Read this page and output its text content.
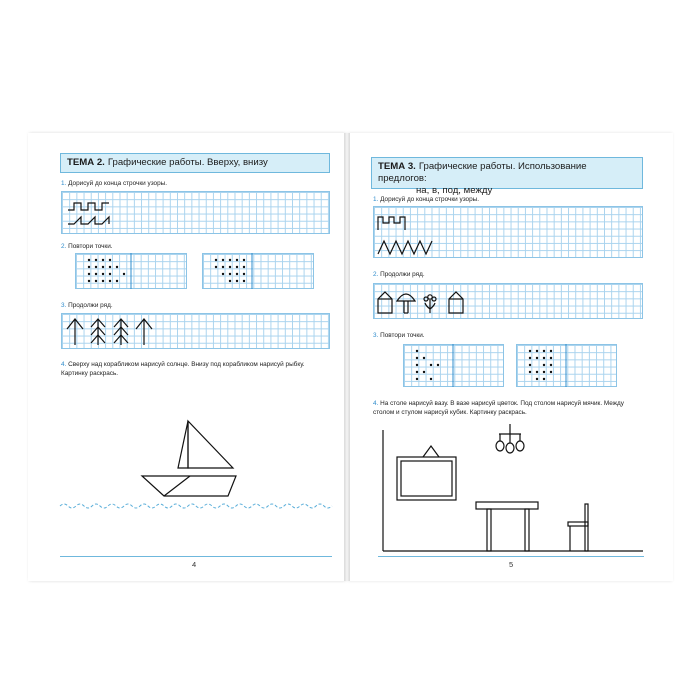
ТЕМА 2. Графические работы. Вверху, внизу
1. Дорисуй до конца строчки узоры.
2. Повтори точки.
3. Продолжи ряд.
4. Сверху над корабликом нарисуй солнце. Внизу под корабликом нарисуй рыбку. Картинку раскрась.
4
ТЕМА 3. Графические работы. Использование предлогов:
на, в, под, между
1. Дорисуй до конца строчки узоры.
2. Продолжи ряд.
3. Повтори точки.
4. На столе нарисуй вазу. В вазе нарисуй цветок. Под столом нарисуй мячик. Между столом и стулом нарисуй кубик. Картинку раскрась.
5
